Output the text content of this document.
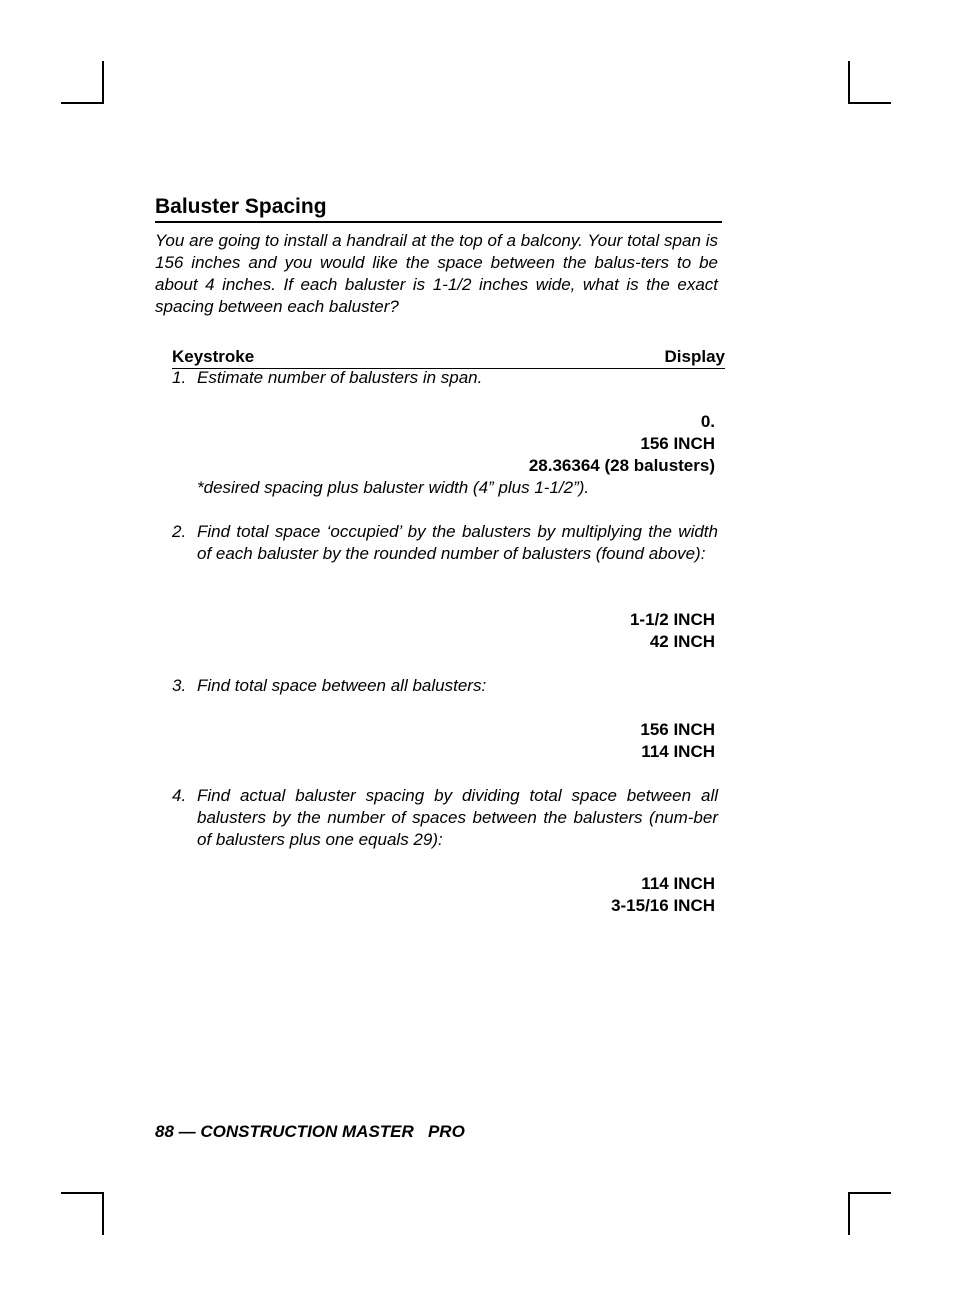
Baluster Spacing

You are going to install a handrail at the top of a balcony. Your total span is 156 inches and you would like the space between the balus-ters to be about 4 inches. If each baluster is 1-1/2 inches wide, what is the exact spacing between each baluster?

Keystroke	Display
1. Estimate number of balusters in span.
0.
156 INCH
28.36364 (28 balusters)
*desired spacing plus baluster width (4” plus 1-1/2”).
2. Find total space ‘occupied’ by the balusters by multiplying the width of each baluster by the rounded number of balusters (found above):
1-1/2 INCH
42 INCH
3. Find total space between all balusters:
156 INCH
114 INCH
4. Find actual baluster spacing by dividing total space between all balusters by the number of spaces between the balusters (num-ber of balusters plus one equals 29):
114 INCH
3-15/16 INCH
88 — CONSTRUCTION MASTER   PRO
